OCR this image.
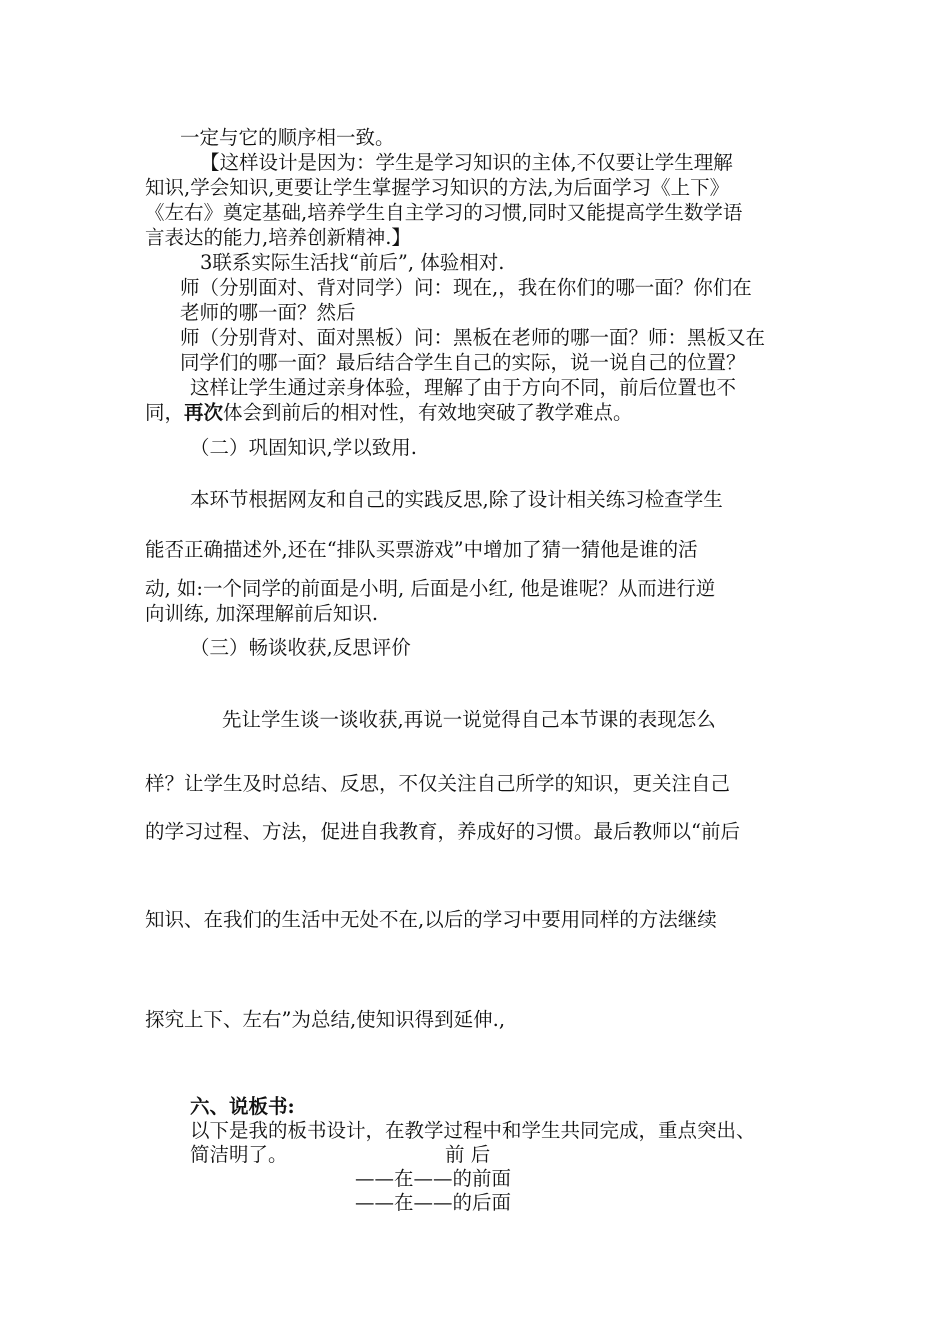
一定与它的顺序相一致。
【这样设计是因为：学生是学习知识的主体,不仅要让学生理解
知识,学会知识,更要让学生掌握学习知识的方法,为后面学习《上下》
《左右》奠定基础,培养学生自主学习的习惯,同时又能提高学生数学语
言表达的能力,培养创新精神.】
3联系实际生活找“前后”, 体验相对.
师（分别面对、背对同学）问：现在,，我在你们的哪一面？你们在
老师的哪一面？然后
师（分别背对、面对黑板）问：黑板在老师的哪一面？师：黑板又在
同学们的哪一面？最后结合学生自己的实际，说一说自己的位置？
这样让学生通过亲身体验，理解了由于方向不同，前后位置也不
同，再次体会到前后的相对性，有效地突破了教学难点。
（二）巩固知识,学以致用.
本环节根据网友和自己的实践反思,除了设计相关练习检查学生
能否正确描述外,还在“排队买票游戏”中增加了猜一猜他是谁的活
动, 如:一个同学的前面是小明, 后面是小红, 他是谁呢？从而进行逆
向训练, 加深理解前后知识.
（三）畅谈收获,反思评价
先让学生谈一谈收获,再说一说觉得自己本节课的表现怎么
样？让学生及时总结、反思，不仅关注自己所学的知识，更关注自己
的学习过程、方法，促进自我教育，养成好的习惯。最后教师以“前后
知识、在我们的生活中无处不在,以后的学习中要用同样的方法继续
探究上下、左右”为总结,使知识得到延伸.,
六、说板书:
以下是我的板书设计，在教学过程中和学生共同完成，重点突出、
简洁明了。	前 后
——在——的前面
——在——的后面
